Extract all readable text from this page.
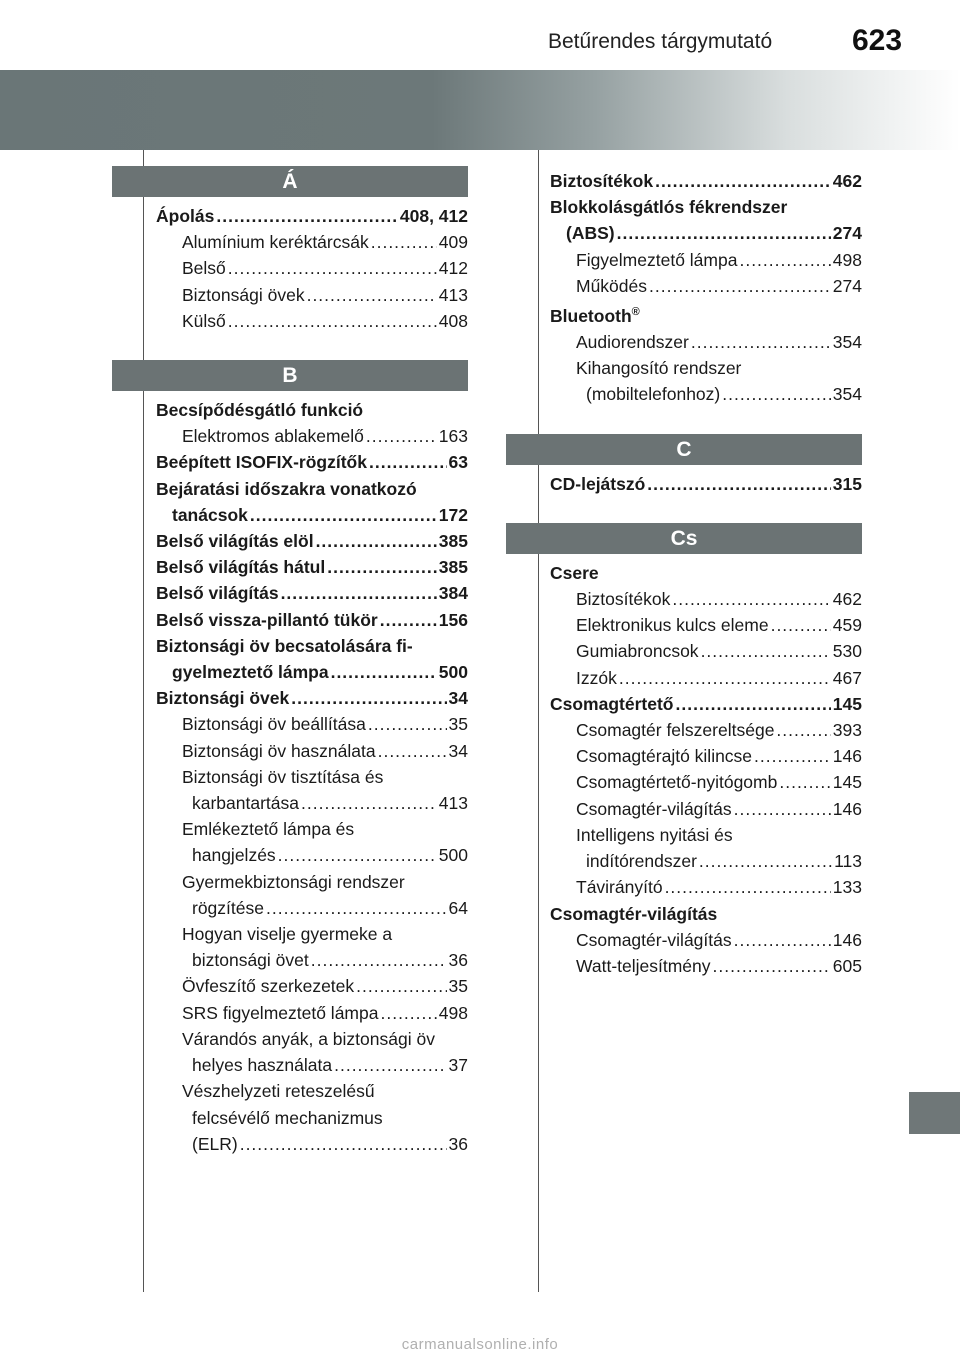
Betűrendes tárgymutató	623
Á
Ápolás .....	408, 412
Alumínium keréktárcsák .....	409
Belső .....	412
Biztonsági övek .....	413
Külső .....	408
B
Becsípődésgátló funkció
Elektromos ablakemelő .....	163
Beépített ISOFIX-rögzítők .....	63
Bejáratási időszakra vonatkozó
tanácsok .....	172
Belső világítás elöl .....	385
Belső világítás hátul .....	385
Belső világítás .....	384
Belső vissza-pillantó tükör .....	156
Biztonsági öv becsatolására fi-
gyelmeztető lámpa .....	500
Biztonsági övek .....	34
Biztonsági öv beállítása .....	35
Biztonsági öv használata .....	34
Biztonsági öv tisztítása és
karbantartása .....	413
Emlékeztető lámpa és
hangjelzés .....	500
Gyermekbiztonsági rendszer
rögzítése .....	64
Hogyan viselje gyermeke a
biztonsági övet .....	36
Övfeszítő szerkezetek .....	35
SRS figyelmeztető lámpa .....	498
Várandós anyák, a biztonsági öv
helyes használata .....	37
Vészhelyzeti reteszelésű
felcsévélő mechanizmus
(ELR) .....	36
Biztosítékok .....	462
Blokkolásgátlós fékrendszer
(ABS) .....	274
Figyelmeztető lámpa .....	498
Működés .....	274
Bluetooth®
Audiorendszer .....	354
Kihangosító rendszer
(mobiltelefonhoz) .....	354
C
CD-lejátszó .....	315
Cs
Csere
Biztosítékok .....	462
Elektronikus kulcs eleme .....	459
Gumiabroncsok .....	530
Izzók .....	467
Csomagtértető .....	145
Csomagtér felszereltsége .....	393
Csomagtérajtó kilincse .....	146
Csomagtértető-nyitógomb .....	145
Csomagtér-világítás .....	146
Intelligens nyitási és
indítórendszer .....	113
Távirányító .....	133
Csomagtér-világítás
Csomagtér-világítás .....	146
Watt-teljesítmény .....	605
carmanualsonline.info
